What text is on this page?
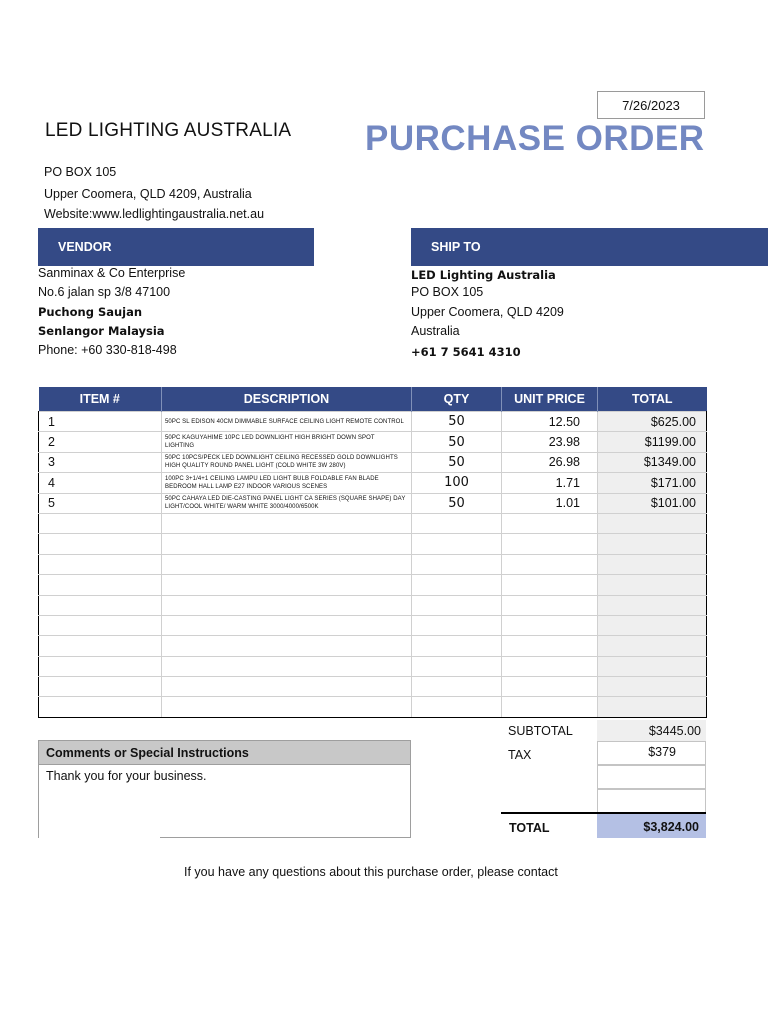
7/26/2023
LED LIGHTING AUSTRALIA PURCHASE ORDER
PO BOX 105
Upper Coomera, QLD 4209, Australia
Website:www.ledlightingaustralia.net.au
VENDOR	SHIP TO
Sanminax & Co Enterprise
No.6 jalan sp 3/8 47100
Puchong Saujan
Senlangor Malaysia
Phone: +60 330-818-498
LED Lighting Australia
PO BOX 105
Upper Coomera, QLD 4209
Australia
+61 7 5641 4310
ITEM #	DESCRIPTION	QTY	UNIT PRICE	TOTAL
1	50PC SL EDISON 40CM DIMMABLE SURFACE CEILING LIGHT REMOTE CONTROL	50	12.50	$625.00
2	50PC KAGUYAHIME 10PC LED DOWNLIGHT HIGH BRIGHT DOWN SPOT
LIGHTING	50	23.98	$1199.00
3	50PC 10PCS/PECK LED DOWNLIGHT CEILING RECESSED GOLD DOWNLIGHTS
HIGH QUALITY ROUND PANEL LIGHT (COLD WHITE 3W 280V)	50	26.98	$1349.00
4	100PC 3+1/4+1 CEILING LAMPU LED LIGHT BULB FOLDABLE FAN BLADE
BEDROOM HALL LAMP E27 INDOOR VARIOUS SCENES	100	1.71	$171.00
5	50PC CAHAYA LED DIE-CASTING PANEL LIGHT CA SERIES (SQUARE SHAPE) DAY
LIGHT/COOL WHITE/ WARM WHITE 3000/4000/6500K	50	1.01	$101.00

SUBTOTAL	$3445.00
TAX	$379
TOTAL	$3,824.00
Comments or Special Instructions
Thank you for your business.
If you have any questions about this purchase order, please contact
